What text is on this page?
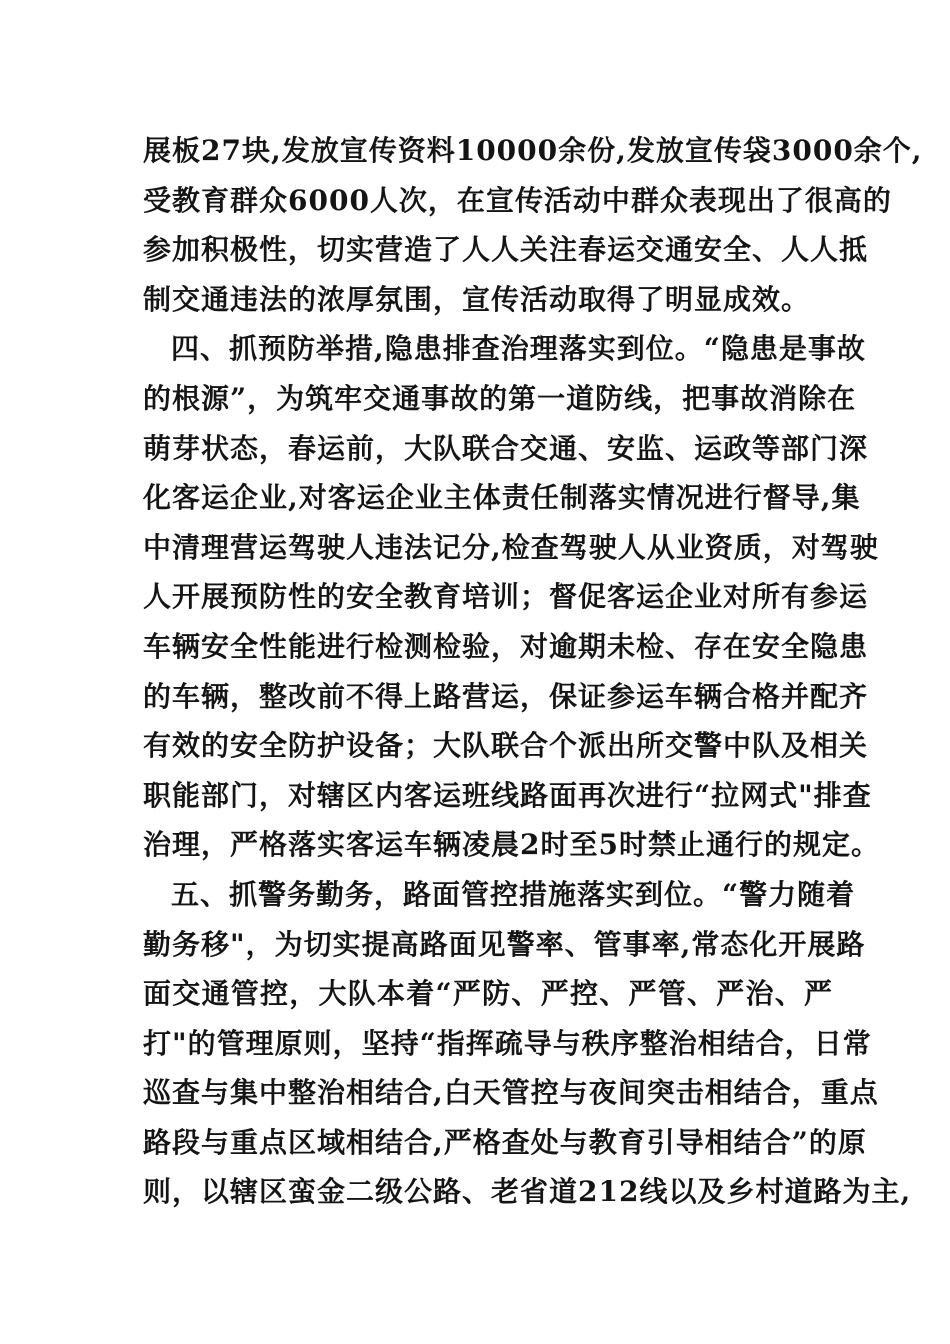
展板27块,发放宣传资料10000余份,发放宣传袋3000余个,
受教育群众6000人次，在宣传活动中群众表现出了很高的
参加积极性，切实营造了人人关注春运交通安全、人人抵
制交通违法的浓厚氛围，宣传活动取得了明显成效。
四、抓预防举措,隐患排查治理落实到位。“隐患是事故
的根源”，为筑牢交通事故的第一道防线，把事故消除在
萌芽状态，春运前，大队联合交通、安监、运政等部门深
化客运企业,对客运企业主体责任制落实情况进行督导,集
中清理营运驾驶人违法记分,检查驾驶人从业资质，对驾驶
人开展预防性的安全教育培训；督促客运企业对所有参运
车辆安全性能进行检测检验，对逾期未检、存在安全隐患
的车辆，整改前不得上路营运，保证参运车辆合格并配齐
有效的安全防护设备；大队联合个派出所交警中队及相关
职能部门，对辖区内客运班线路面再次进行“拉网式"排查
治理，严格落实客运车辆凌晨2时至5时禁止通行的规定。
五、抓警务勤务，路面管控措施落实到位。“警力随着
勤务移"，为切实提高路面见警率、管事率,常态化开展路
面交通管控，大队本着“严防、严控、严管、严治、严
打"的管理原则，坚持“指挥疏导与秩序整治相结合，日常
巡查与集中整治相结合,白天管控与夜间突击相结合，重点
路段与重点区域相结合,严格查处与教育引导相结合”的原
则，以辖区蛮金二级公路、老省道212线以及乡村道路为主,
